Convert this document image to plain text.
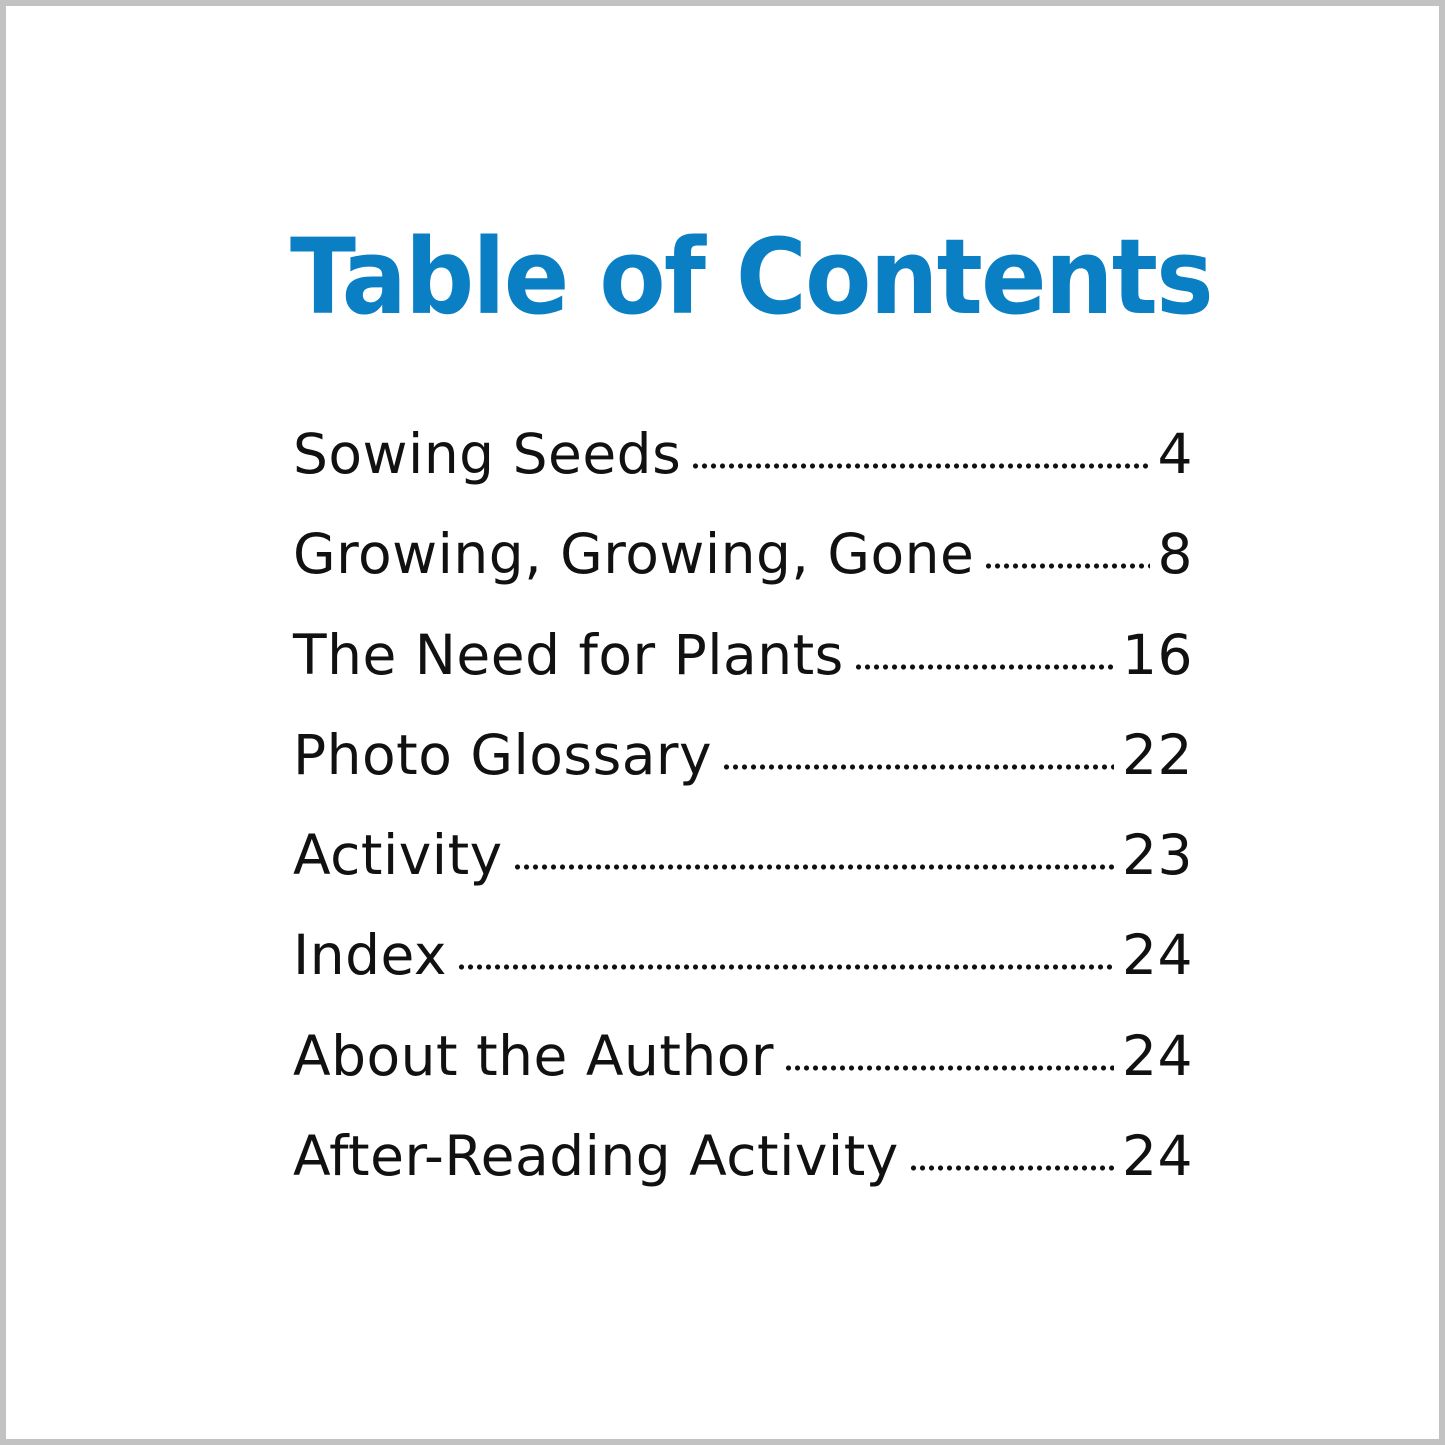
Table of Contents
Sowing Seeds	4
Growing, Growing, Gone	8
The Need for Plants	16
Photo Glossary	22
Activity	23
Index	24
About the Author	24
After-Reading Activity	24
